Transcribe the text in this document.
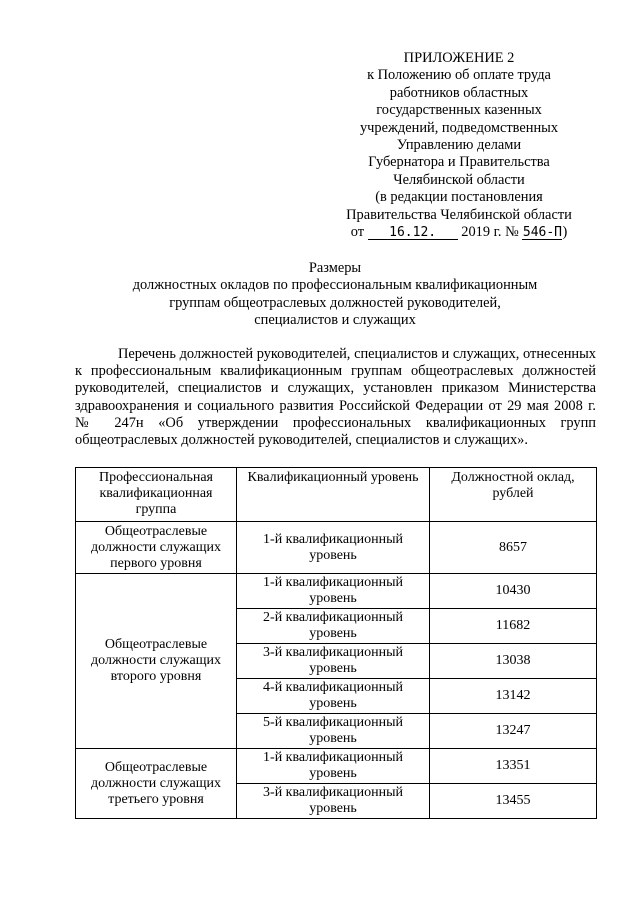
ПРИЛОЖЕНИЕ 2
к Положению об оплате труда
работников областных
государственных казенных
учреждений, подведомственных
Управлению делами
Губернатора и Правительства
Челябинской области
(в редакции постановления
Правительства Челябинской области
от 16.12. 2019 г. № 546-П)
Размеры
должностных окладов по профессиональным квалификационным
группам общеотраслевых должностей руководителей,
специалистов и служащих
Перечень должностей руководителей, специалистов и служащих, отнесенных к профессиональным квалификационным группам общеотраслевых должностей руководителей, специалистов и служащих, установлен приказом Министерства здравоохранения и социального развития Российской Федерации от 29 мая 2008 г. № 247н «Об утверждении профессиональных квалификационных групп общеотраслевых должностей руководителей, специалистов и служащих».
Профессиональная квалификационная группа	Квалификационный уровень	Должностной оклад, рублей
Общеотраслевые должности служащих первого уровня	1-й квалификационный уровень	8657
Общеотраслевые должности служащих второго уровня	1-й квалификационный уровень	10430
	2-й квалификационный уровень	11682
	3-й квалификационный уровень	13038
	4-й квалификационный уровень	13142
	5-й квалификационный уровень	13247
Общеотраслевые должности служащих третьего уровня	1-й квалификационный уровень	13351
	3-й квалификационный уровень	13455
